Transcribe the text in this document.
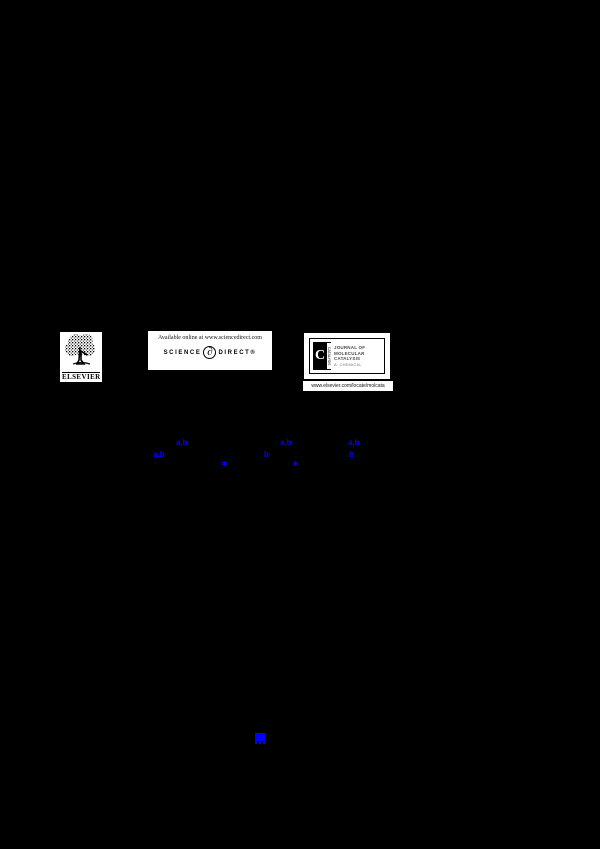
ELSEVIER
Available online at www.sciencedirect.com
SCIENCE ∂ DIRECT®	C CATALYSIS JOURNAL OF
MOLECULAR
CATALYSIS
A: CHEMICAL
www.elsevier.com/locate/molcata
a,b	a,b	a,b
a,b	b	b
∗	∗
